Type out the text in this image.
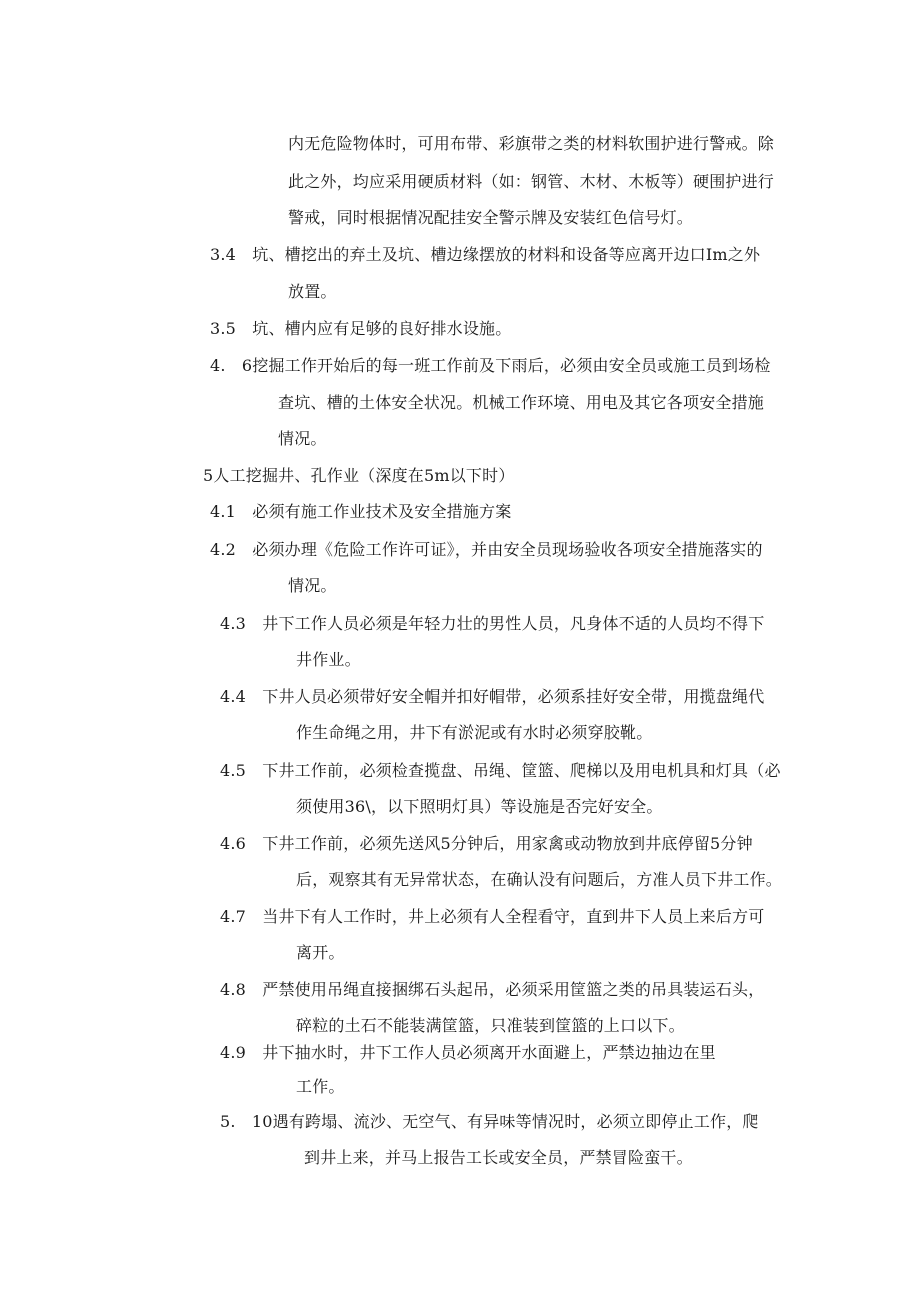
内无危险物体时，可用布带、彩旗带之类的材料软围护进行警戒。除
此之外，均应采用硬质材料（如：钢管、木材、木板等）硬围护进行
警戒，同时根据情况配挂安全警示牌及安装红色信号灯。
3.4　坑、槽挖出的弃土及坑、槽边缘摆放的材料和设备等应离开边口Im之外
放置。
3.5　坑、槽内应有足够的良好排水设施。
4.　6挖掘工作开始后的每一班工作前及下雨后，必须由安全员或施工员到场检
查坑、槽的土体安全状况。机械工作环境、用电及其它各项安全措施
情况。
5人工挖掘井、孔作业（深度在5m以下时）
4.1　必须有施工作业技术及安全措施方案
4.2　必须办理《危险工作许可证》，并由安全员现场验收各项安全措施落实的
情况。
4.3　井下工作人员必须是年轻力壮的男性人员，凡身体不适的人员均不得下
井作业。
4.4　下井人员必须带好安全帽并扣好帽带，必须系挂好安全带，用揽盘绳代
作生命绳之用，井下有淤泥或有水时必须穿胶靴。
4.5　下井工作前，必须检查揽盘、吊绳、筐篮、爬梯以及用电机具和灯具（必
须使用36\，以下照明灯具）等设施是否完好安全。
4.6　下井工作前，必须先送风5分钟后，用家禽或动物放到井底停留5分钟
后，观察其有无异常状态，在确认没有问题后，方准人员下井工作。
4.7　当井下有人工作时，井上必须有人全程看守，直到井下人员上来后方可
离开。
4.8　严禁使用吊绳直接捆绑石头起吊，必须采用筐篮之类的吊具装运石头，
碎粒的土石不能装满筐篮，只准装到筐篮的上口以下。
4.9　井下抽水时，井下工作人员必须离开水面避上，严禁边抽边在里
工作。
5.　10遇有跨塌、流沙、无空气、有异味等情况时，必须立即停止工作，爬
到井上来，并马上报告工长或安全员，严禁冒险蛮干。
